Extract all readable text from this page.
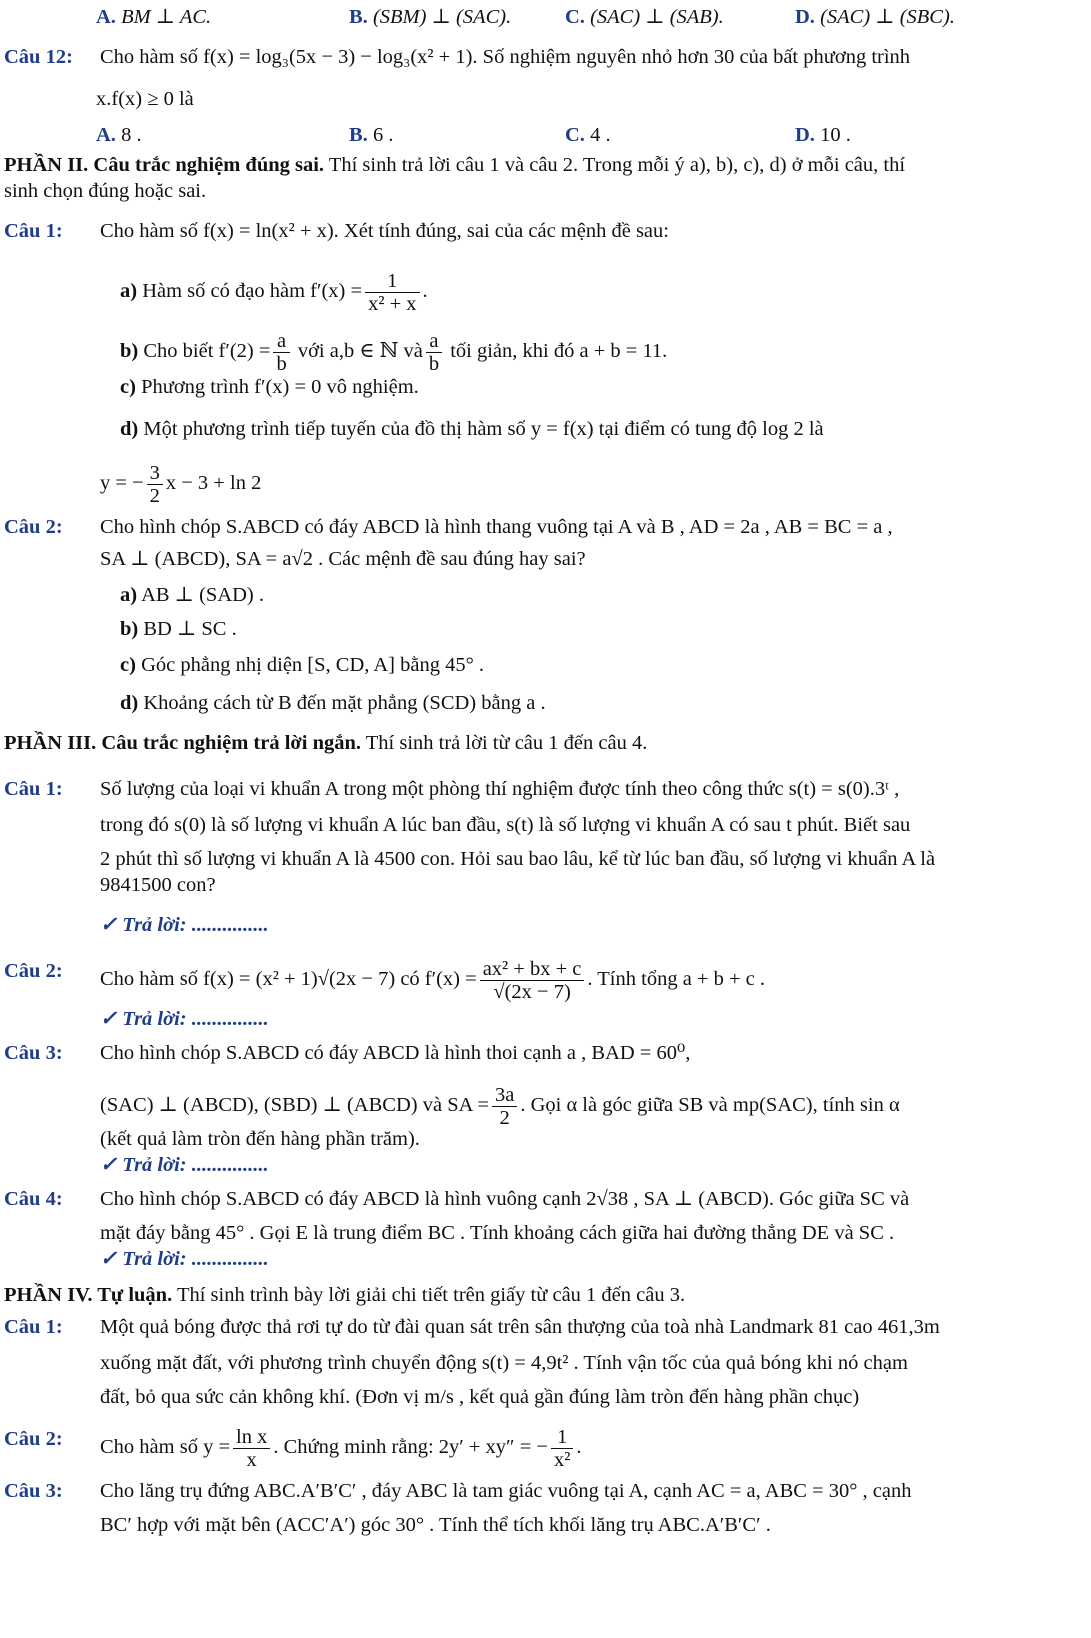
A. BM ⊥ AC.	B. (SBM) ⊥ (SAC).	C. (SAC) ⊥ (SAB).	D. (SAC) ⊥ (SBC).
Câu 12: Cho hàm số f(x) = log₃(5x − 3) − log₃(x² + 1). Số nghiệm nguyên nhỏ hơn 30 của bất phương trình
x.f(x) ≥ 0 là
A. 8 .	B. 6 .	C. 4 .	D. 10 .
PHẦN II. Câu trắc nghiệm đúng sai. Thí sinh trả lời câu 1 và câu 2. Trong mỗi ý a), b), c), d) ở mỗi câu, thí
sinh chọn đúng hoặc sai.
Câu 1: Cho hàm số f(x) = ln(x² + x). Xét tính đúng, sai của các mệnh đề sau:
a) Hàm số có đạo hàm $f'(x) = \frac{1}{\text{x² + x}}$ .
b) Cho biết $f'(2) = \frac{a}{b}$ với a,b ∈ ℕ và $\frac{a}{b}$ tối giản, khi đó a + b = 11.
c) Phương trình f′(x) = 0 vô nghiệm.
d) Một phương trình tiếp tuyến của đồ thị hàm số y = f(x) tại điểm có tung độ log 2 là
y = − $\frac{3}{2}$ x − 3 + ln 2
Câu 2: Cho hình chóp S.ABCD có đáy ABCD là hình thang vuông tại A và B , AD = 2a , AB = BC = a ,
SA ⊥ (ABCD), SA = a√2 . Các mệnh đề sau đúng hay sai?
a) AB ⊥ (SAD) .
b) BD ⊥ SC .
c) Góc phẳng nhị diện [S, CD, A] bằng 45° .
d) Khoảng cách từ B đến mặt phẳng (SCD) bằng a .
PHẦN III. Câu trắc nghiệm trả lời ngắn. Thí sinh trả lời từ câu 1 đến câu 4.
Câu 1: Số lượng của loại vi khuẩn A trong một phòng thí nghiệm được tính theo công thức s(t) = s(0).3ᵗ ,
trong đó s(0) là số lượng vi khuẩn A lúc ban đầu, s(t) là số lượng vi khuẩn A có sau t phút. Biết sau
2 phút thì số lượng vi khuẩn A là 4500 con. Hỏi sau bao lâu, kể từ lúc ban đầu, số lượng vi khuẩn A là
9841500 con?
✓ Trả lời: ...............
Câu 2: Cho hàm số f(x) = (x² + 1)√(2x − 7) có $f'(x) = \frac{\text{ax² + bx + c}}{√(2x - 7)}$ . Tính tổng a + b + c .
✓ Trả lời: ...............
Câu 3: Cho hình chóp S.ABCD có đáy ABCD là hình thoi cạnh a , BAD = 60⁰,
(SAC) ⊥ (ABCD), (SBD) ⊥ (ABCD) và SA = $\frac{3a}{2}$ . Gọi α là góc giữa SB và mp(SAC), tính sin α
(kết quả làm tròn đến hàng phần trăm).
✓ Trả lời: ...............
Câu 4: Cho hình chóp S.ABCD có đáy ABCD là hình vuông cạnh 2√38 , SA ⊥ (ABCD). Góc giữa SC và
mặt đáy bằng 45° . Gọi E là trung điểm BC . Tính khoảng cách giữa hai đường thẳng DE và SC .
✓ Trả lời: ...............
PHẦN IV. Tự luận. Thí sinh trình bày lời giải chi tiết trên giấy từ câu 1 đến câu 3.
Câu 1: Một quả bóng được thả rơi tự do từ đài quan sát trên sân thượng của toà nhà Landmark 81 cao 461,3m
xuống mặt đất, với phương trình chuyển động s(t) = 4,9t² . Tính vận tốc của quả bóng khi nó chạm
đất, bỏ qua sức cản không khí. (Đơn vị m/s , kết quả gần đúng làm tròn đến hàng phần chục)
Câu 2: Cho hàm số $y = \frac{\text{ln x}}{x}$ . Chứng minh rằng: 2y′ + xy″ = − $\frac{1}{\text{x²}}$ .
Câu 3: Cho lăng trụ đứng ABC.A′B′C′ , đáy ABC là tam giác vuông tại A, cạnh AC = a, ABC = 30° , cạnh
BC′ hợp với mặt bên (ACC′A′) góc 30° . Tính thể tích khối lăng trụ ABC.A′B′C′ .
